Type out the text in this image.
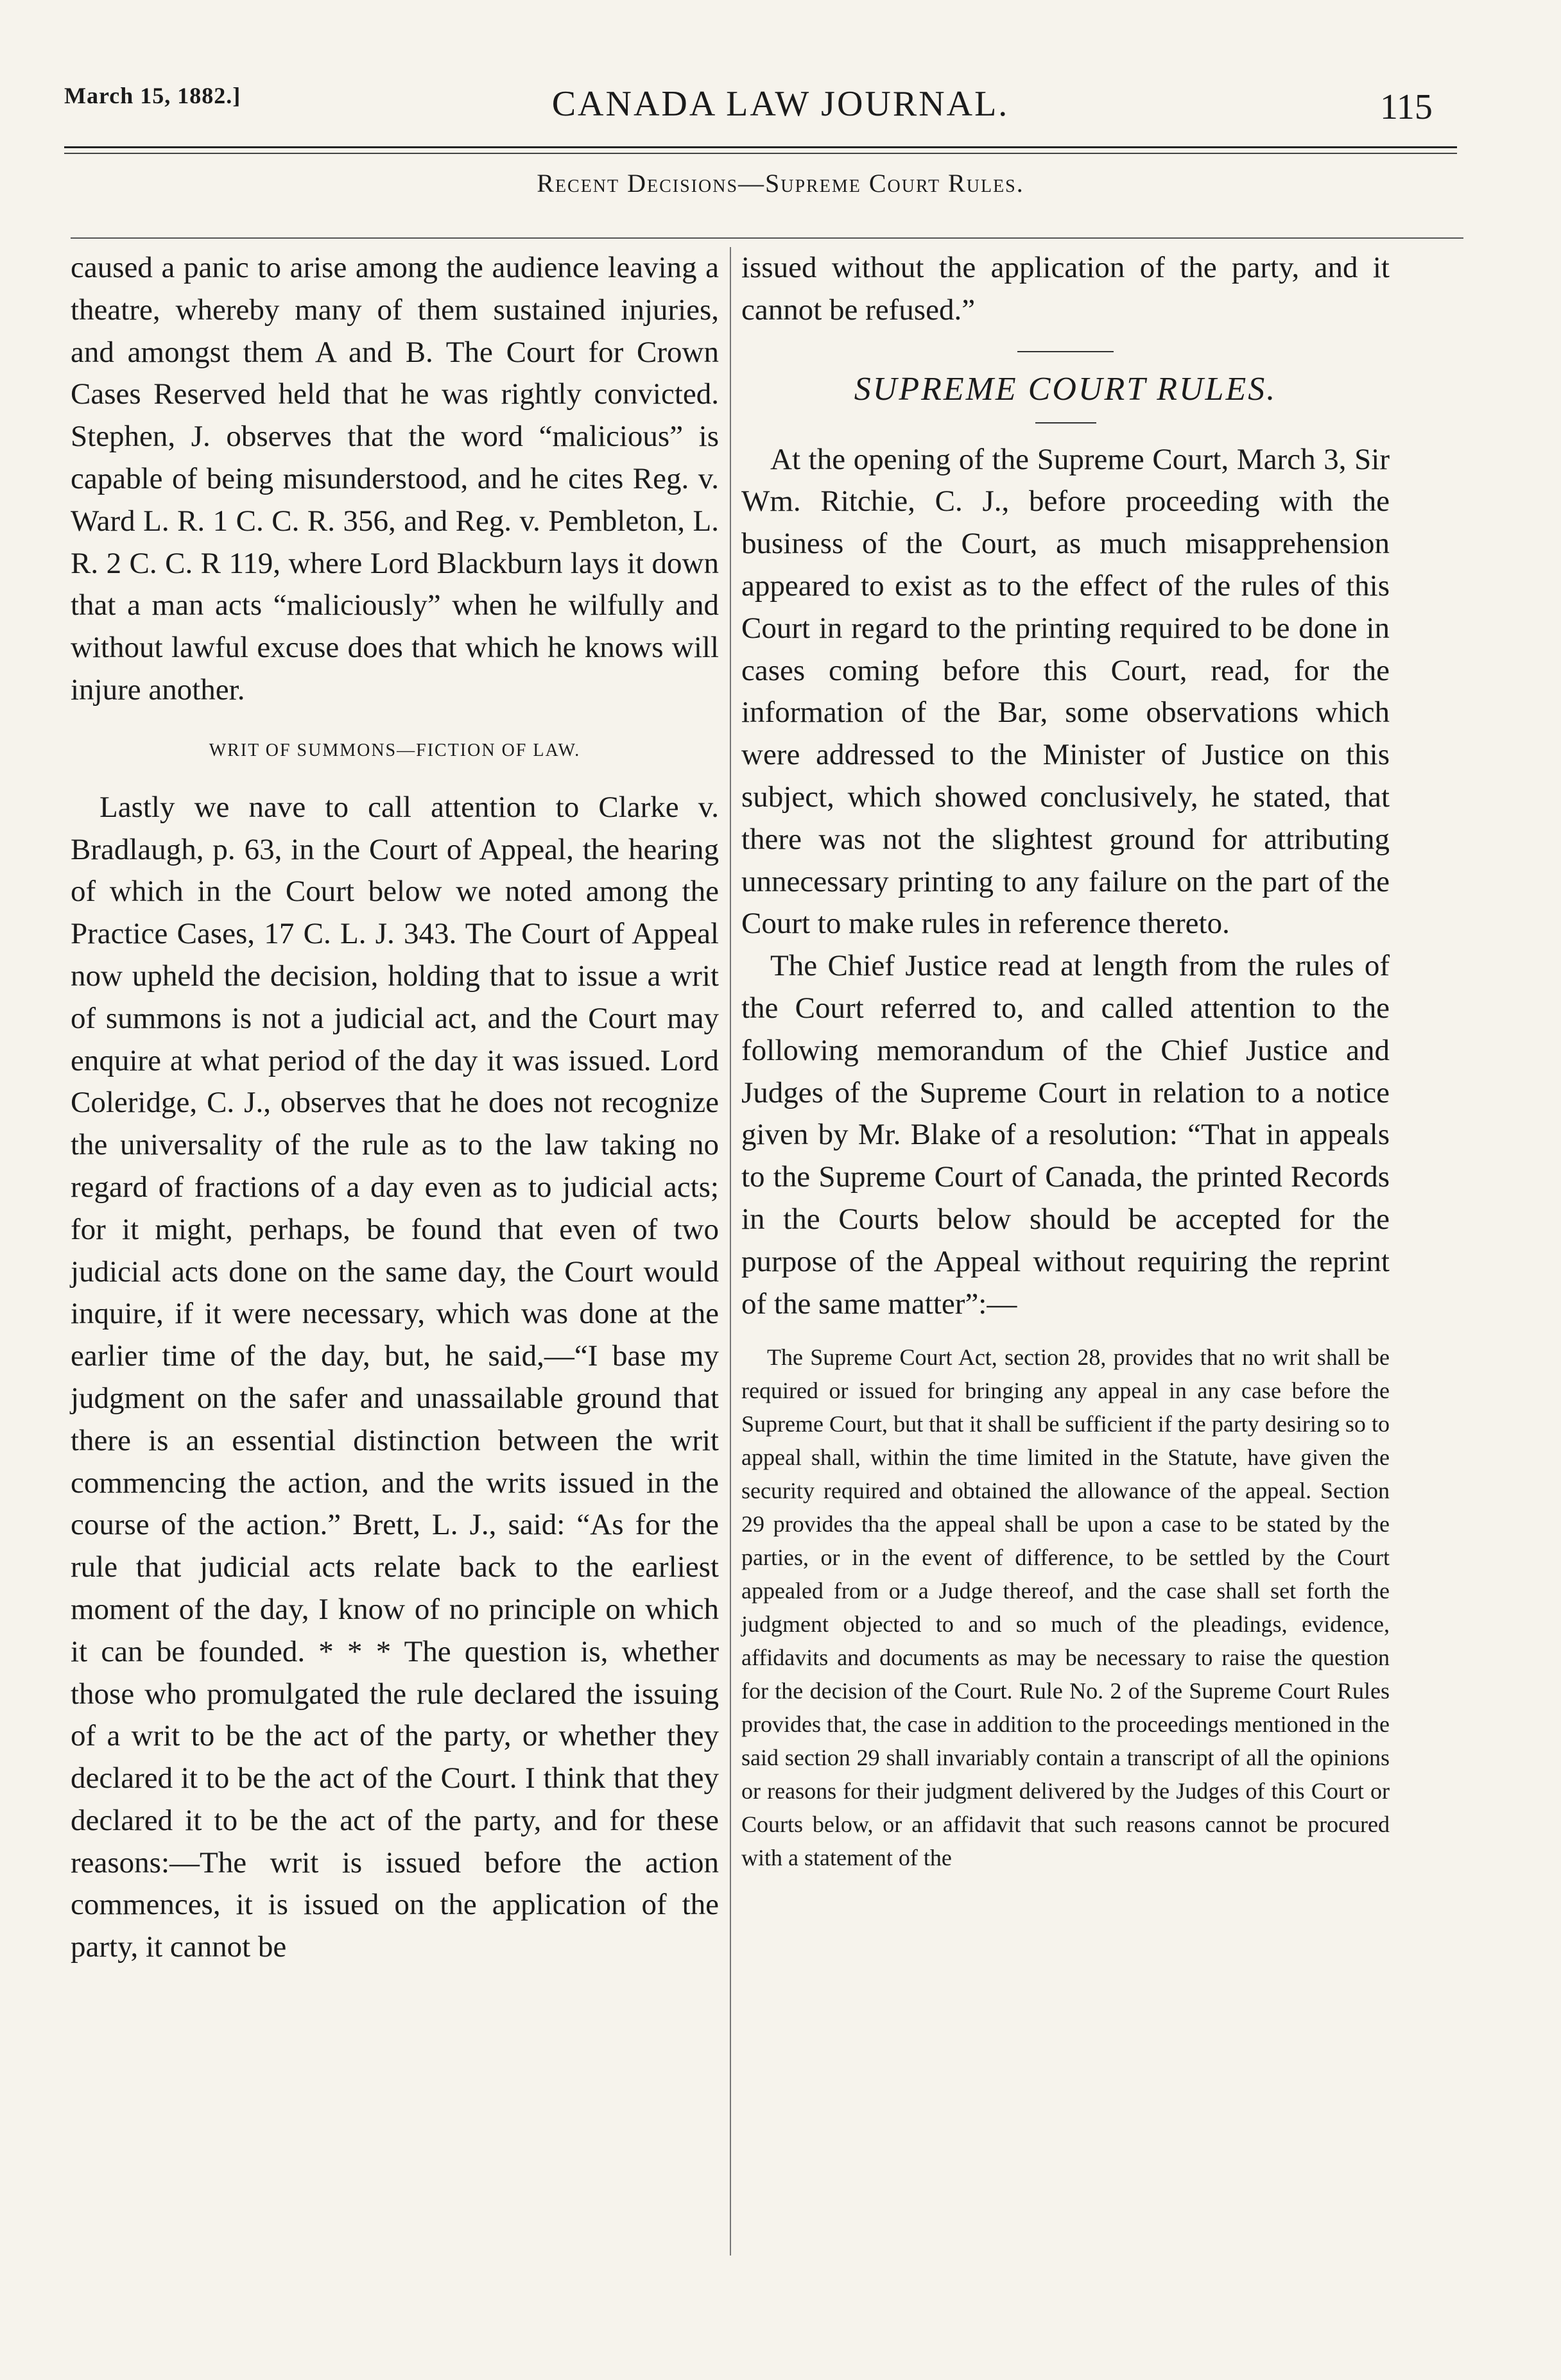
March 15, 1882.]	CANADA LAW JOURNAL.	115
Recent Decisions—Supreme Court Rules.

caused a panic to arise among the audience leaving a theatre, whereby many of them sustained injuries, and amongst them A and B. The Court for Crown Cases Reserved held that he was rightly convicted. Stephen, J. observes that the word “malicious” is capable of being misunderstood, and he cites Reg. v. Ward L. R. 1 C. C. R. 356, and Reg. v. Pembleton, L. R. 2 C. C. R 119, where Lord Blackburn lays it down that a man acts “maliciously” when he wilfully and without lawful excuse does that which he knows will injure another.

WRIT OF SUMMONS—FICTION OF LAW.

Lastly we nave to call attention to Clarke v. Bradlaugh, p. 63, in the Court of Appeal, the hearing of which in the Court below we noted among the Practice Cases, 17 C. L. J. 343. The Court of Appeal now upheld the decision, holding that to issue a writ of summons is not a judicial act, and the Court may enquire at what period of the day it was issued. Lord Coleridge, C. J., observes that he does not recognize the universality of the rule as to the law taking no regard of fractions of a day even as to judicial acts; for it might, perhaps, be found that even of two judicial acts done on the same day, the Court would inquire, if it were necessary, which was done at the earlier time of the day, but, he said,—“I base my judgment on the safer and unassailable ground that there is an essential distinction between the writ commencing the action, and the writs issued in the course of the action.” Brett, L. J., said: “As for the rule that judicial acts relate back to the earliest moment of the day, I know of no principle on which it can be founded. * * * The question is, whether those who promulgated the rule declared the issuing of a writ to be the act of the party, or whether they declared it to be the act of the Court. I think that they declared it to be the act of the party, and for these reasons:—The writ is issued before the action commences, it is issued on the application of the party, it cannot be

issued without the application of the party, and it cannot be refused.”

SUPREME COURT RULES.

At the opening of the Supreme Court, March 3, Sir Wm. Ritchie, C. J., before proceeding with the business of the Court, as much misapprehension appeared to exist as to the effect of the rules of this Court in regard to the printing required to be done in cases coming before this Court, read, for the information of the Bar, some observations which were addressed to the Minister of Justice on this subject, which showed conclusively, he stated, that there was not the slightest ground for attributing unnecessary printing to any failure on the part of the Court to make rules in reference thereto.

The Chief Justice read at length from the rules of the Court referred to, and called attention to the following memorandum of the Chief Justice and Judges of the Supreme Court in relation to a notice given by Mr. Blake of a resolution: “That in appeals to the Supreme Court of Canada, the printed Records in the Courts below should be accepted for the purpose of the Appeal without requiring the reprint of the same matter”:—

The Supreme Court Act, section 28, provides that no writ shall be required or issued for bringing any appeal in any case before the Supreme Court, but that it shall be sufficient if the party desiring so to appeal shall, within the time limited in the Statute, have given the security required and obtained the allowance of the appeal. Section 29 provides tha the appeal shall be upon a case to be stated by the parties, or in the event of difference, to be settled by the Court appealed from or a Judge thereof, and the case shall set forth the judgment objected to and so much of the pleadings, evidence, affidavits and documents as may be necessary to raise the question for the decision of the Court. Rule No. 2 of the Supreme Court Rules provides that, the case in addition to the proceedings mentioned in the said section 29 shall invariably contain a transcript of all the opinions or reasons for their judgment delivered by the Judges of this Court or Courts below, or an affidavit that such reasons cannot be procured with a statement of the
